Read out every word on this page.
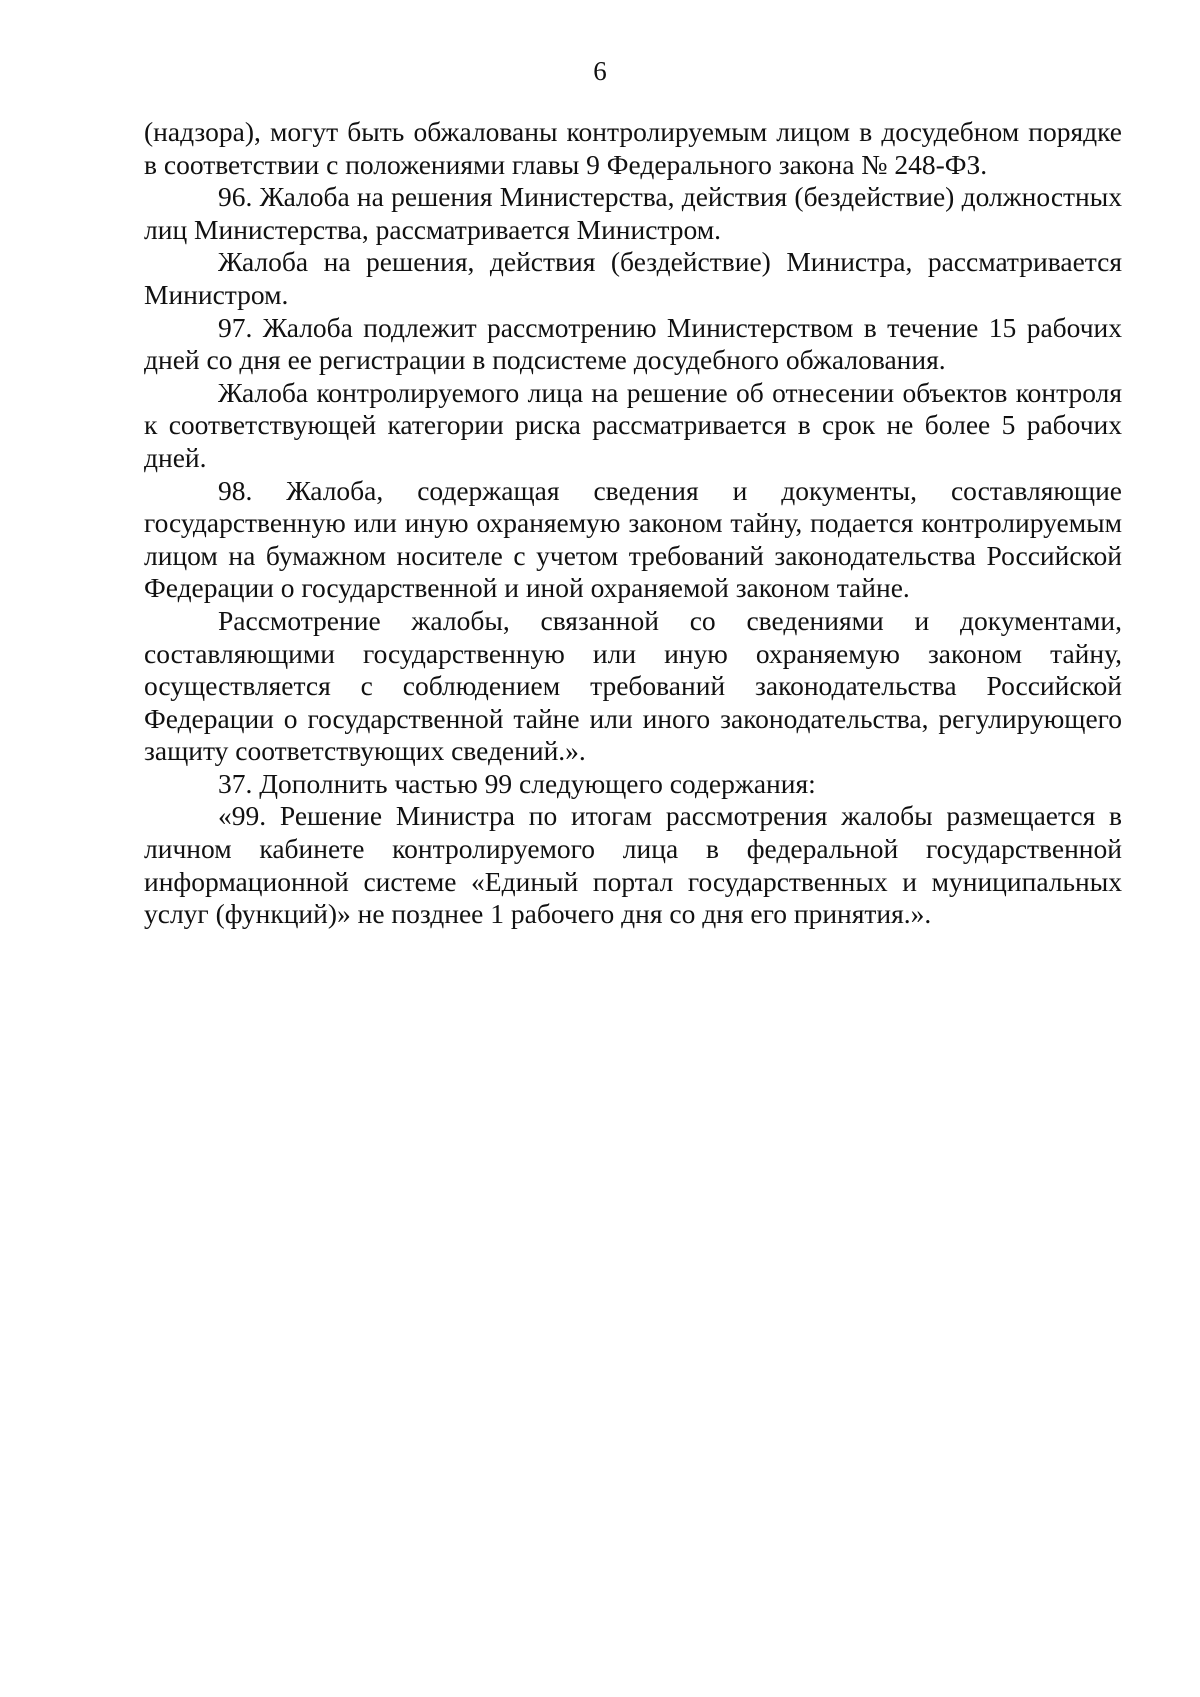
6

(надзора), могут быть обжалованы контролируемым лицом в досудебном порядке в соответствии с положениями главы 9 Федерального закона № 248-ФЗ.

96. Жалоба на решения Министерства, действия (бездействие) должностных лиц Министерства, рассматривается Министром.

Жалоба на решения, действия (бездействие) Министра, рассматривается Министром.

97. Жалоба подлежит рассмотрению Министерством в течение 15 рабочих дней со дня ее регистрации в подсистеме досудебного обжалования.

Жалоба контролируемого лица на решение об отнесении объектов контроля к соответствующей категории риска рассматривается в срок не более 5 рабочих дней.

98. Жалоба, содержащая сведения и документы, составляющие государственную или иную охраняемую законом тайну, подается контролируемым лицом на бумажном носителе с учетом требований законодательства Российской Федерации о государственной и иной охраняемой законом тайне.

Рассмотрение жалобы, связанной со сведениями и документами, составляющими государственную или иную охраняемую законом тайну, осуществляется с соблюдением требований законодательства Российской Федерации о государственной тайне или иного законодательства, регулирующего защиту соответствующих сведений.».

37. Дополнить частью 99 следующего содержания:

«99. Решение Министра по итогам рассмотрения жалобы размещается в личном кабинете контролируемого лица в федеральной государственной информационной системе «Единый портал государственных и муниципальных услуг (функций)» не позднее 1 рабочего дня со дня его принятия.».
